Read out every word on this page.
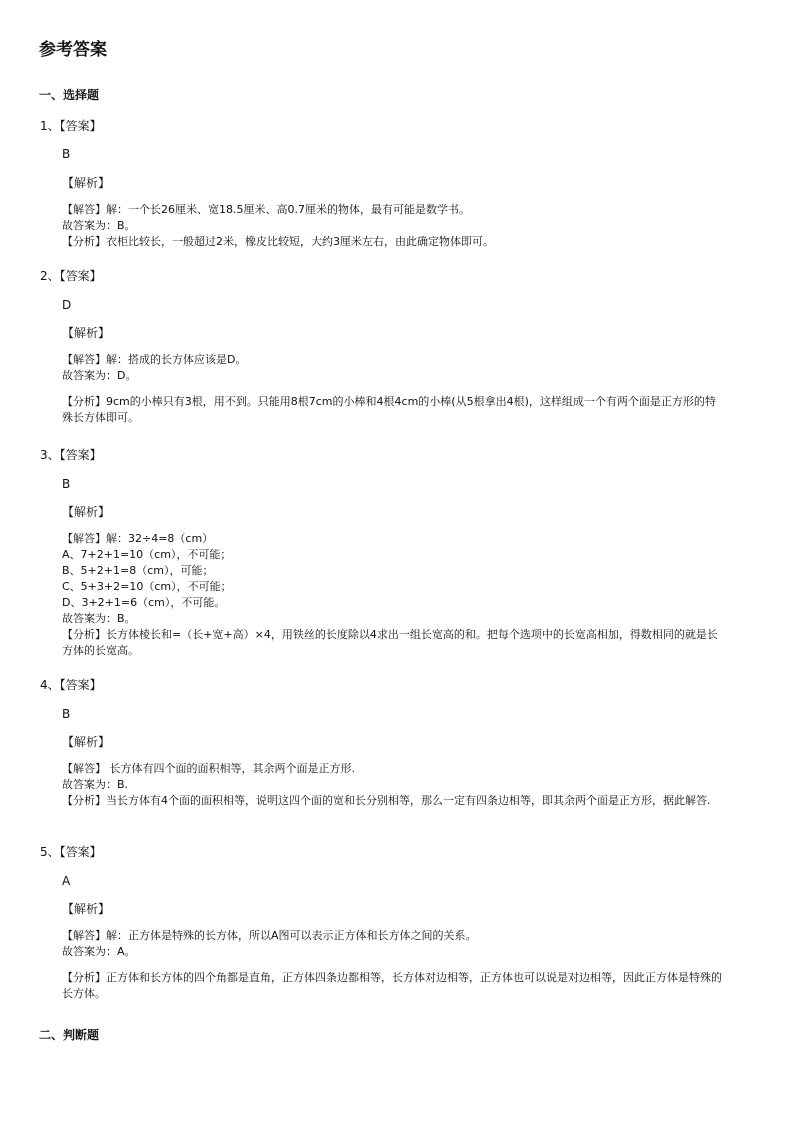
参考答案
一、选择题
1、【答案】
B
【解析】
【解答】解：一个长26厘米、宽18.5厘米、高0.7厘米的物体，最有可能是数学书。
故答案为：B。
【分析】衣柜比较长，一般超过2米，橡皮比较短，大约3厘米左右，由此确定物体即可。
2、【答案】
D
【解析】
【解答】解：搭成的长方体应该是D。
故答案为：D。
【分析】9cm的小棒只有3根，用不到。只能用8根7cm的小棒和4根4cm的小棒(从5根拿出4根)，这样组成一个有两个面是正方形的特殊长方体即可。
3、【答案】
B
【解析】
【解答】解：32÷4=8（cm）
A、7+2+1=10（cm），不可能；
B、5+2+1=8（cm），可能；
C、5+3+2=10（cm），不可能；
D、3+2+1=6（cm），不可能。
故答案为：B。
【分析】长方体棱长和=（长+宽+高）×4，用铁丝的长度除以4求出一组长宽高的和。把每个选项中的长宽高相加，得数相同的就是长方体的长宽高。
4、【答案】
B
【解析】
【解答】 长方体有四个面的面积相等，其余两个面是正方形.
故答案为：B.
【分析】当长方体有4个面的面积相等，说明这四个面的宽和长分别相等，那么一定有四条边相等，即其余两个面是正方形，据此解答.
5、【答案】
A
【解析】
【解答】解：正方体是特殊的长方体，所以A图可以表示正方体和长方体之间的关系。
故答案为：A。
【分析】正方体和长方体的四个角都是直角，正方体四条边都相等，长方体对边相等，正方体也可以说是对边相等，因此正方体是特殊的长方体。
二、判断题
